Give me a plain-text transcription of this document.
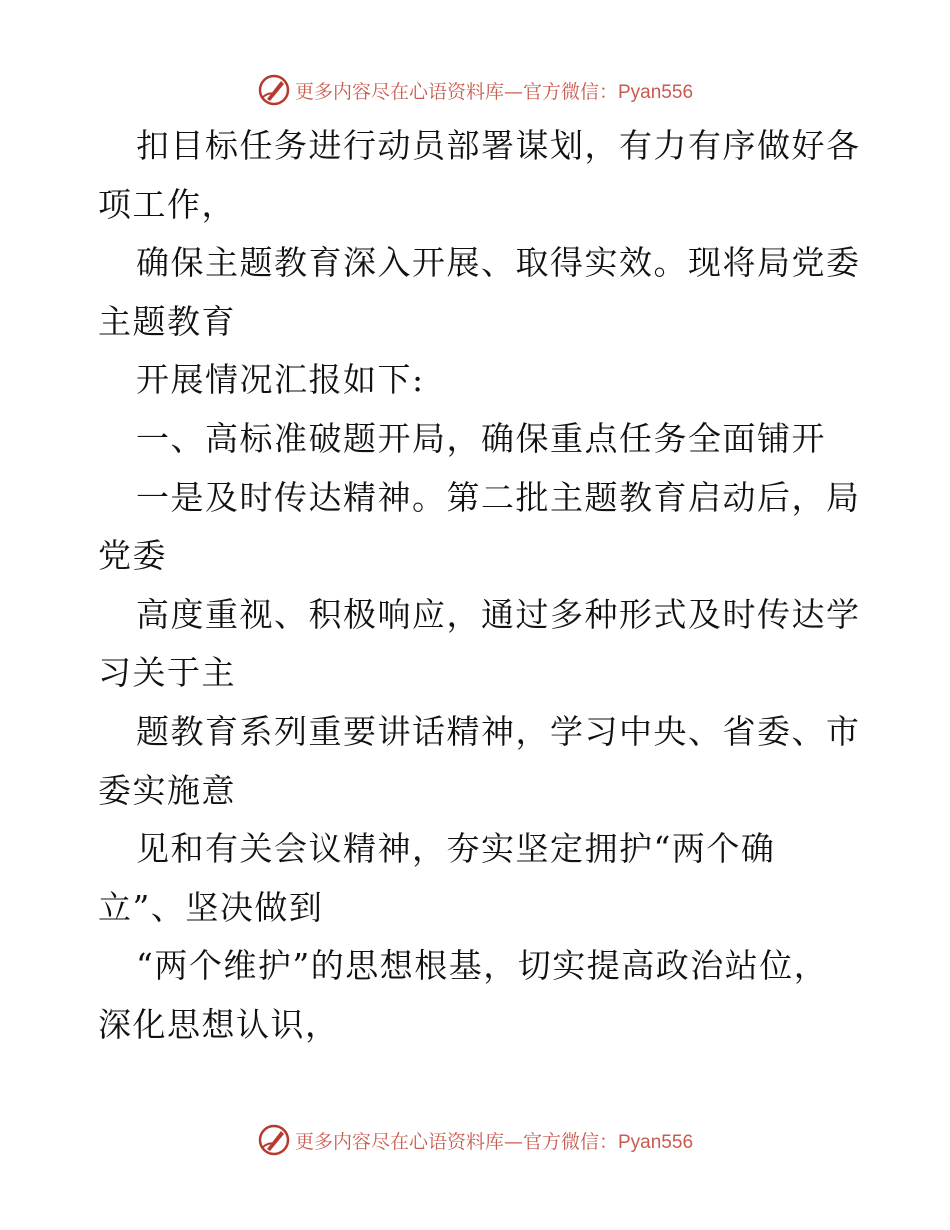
更多内容尽在心语资料库—官方微信：Pyan556
扣目标任务进行动员部署谋划，有力有序做好各
项工作，
确保主题教育深入开展、取得实效。现将局党委
主题教育
开展情况汇报如下:
一、高标准破题开局，确保重点任务全面铺开
一是及时传达精神。第二批主题教育启动后，局
党委
高度重视、积极响应，通过多种形式及时传达学
习关于主
题教育系列重要讲话精神，学习中央、省委、市
委实施意
见和有关会议精神，夯实坚定拥护“两个确
立”、坚决做到
“两个维护”的思想根基，切实提高政治站位，
深化思想认识，
更多内容尽在心语资料库—官方微信：Pyan556
